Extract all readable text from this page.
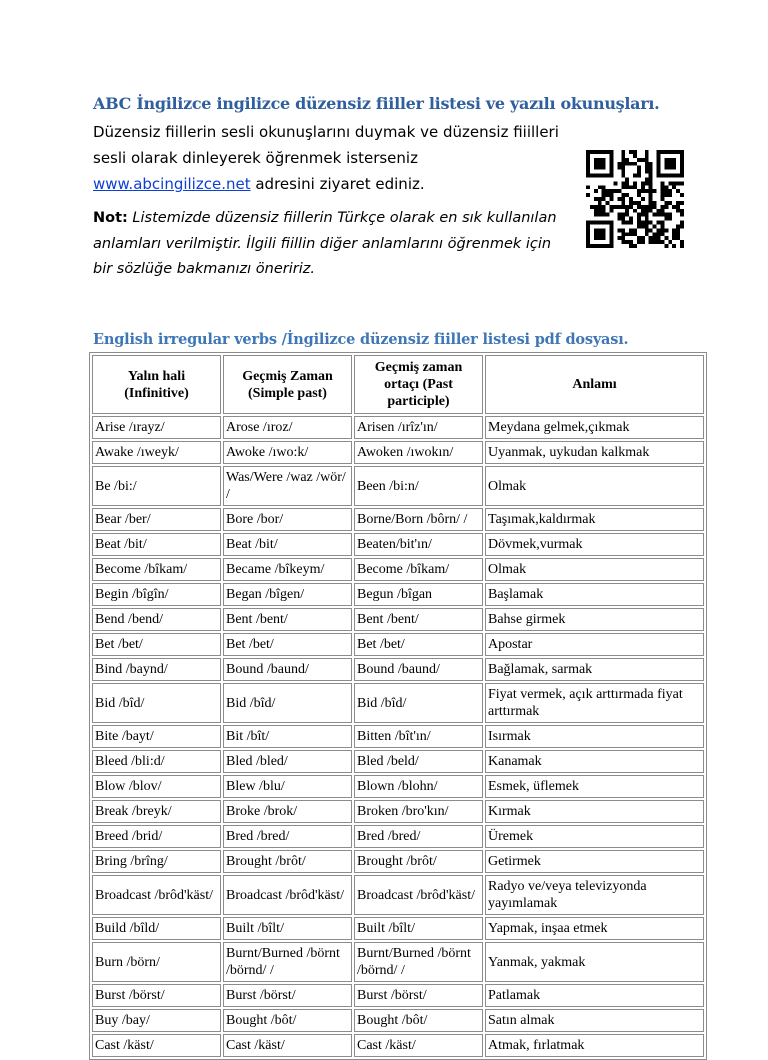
ABC İngilizce ingilizce düzensiz fiiller listesi ve yazılı okunuşları.
Düzensiz fiillerin sesli okunuşlarını duymak ve düzensiz fiiilleri
sesli olarak dinleyerek öğrenmek isterseniz
www.abcingilizce.net adresini ziyaret ediniz.
Not: Listemizde düzensiz fiillerin Türkçe olarak en sık kullanılan
anlamları verilmiştir. İlgili fiillin diğer anlamlarını öğrenmek için
bir sözlüğe bakmanızı öneririz.
English irregular verbs /İngilizce düzensiz fiiller listesi pdf dosyası.
Yalın hali (Infinitive)	Geçmiş Zaman (Simple past)	Geçmiş zaman ortaçı (Past participle)	Anlamı
Arise /ırayz/	Arose /ıroz/	Arisen /ırîz'ın/	Meydana gelmek,çıkmak
Awake /ıweyk/	Awoke /ıwo:k/	Awoken /ıwokın/	Uyanmak, uykudan kalkmak
Be /bi:/	Was/Were /waz /wör/ /	Been /bi:n/	Olmak
Bear /ber/	Bore /bor/	Borne/Born /bôrn/ /	Taşımak,kaldırmak
Beat /bit/	Beat /bit/	Beaten/bit'ın/	Dövmek,vurmak
Become /bîkam/	Became /bîkeym/	Become /bîkam/	Olmak
Begin /bîgîn/	Began /bîgen/	Begun /bîgan	Başlamak
Bend /bend/	Bent /bent/	Bent /bent/	Bahse girmek
Bet /bet/	Bet /bet/	Bet /bet/	Apostar
Bind /baynd/	Bound /baund/	Bound /baund/	Bağlamak, sarmak
Bid /bîd/	Bid /bîd/	Bid /bîd/	Fiyat vermek, açık arttırmada fiyat arttırmak
Bite /bayt/	Bit /bît/	Bitten /bît'ın/	Isırmak
Bleed /bli:d/	Bled /bled/	Bled /beld/	Kanamak
Blow /blov/	Blew /blu/	Blown /blohn/	Esmek, üflemek
Break /breyk/	Broke /brok/	Broken /bro'kın/	Kırmak
Breed /brid/	Bred /bred/	Bred /bred/	Üremek
Bring /brîng/	Brought /brôt/	Brought /brôt/	Getirmek
Broadcast /brôd'käst/	Broadcast /brôd'käst/	Broadcast /brôd'käst/	Radyo ve/veya televizyonda yayımlamak
Build /bîld/	Built /bîlt/	Built /bîlt/	Yapmak, inşaa etmek
Burn /börn/	Burnt/Burned /börnt /börnd/ /	Burnt/Burned /börnt /börnd/ /	Yanmak, yakmak
Burst /börst/	Burst /börst/	Burst /börst/	Patlamak
Buy /bay/	Bought /bôt/	Bought /bôt/	Satın almak
Cast /käst/	Cast /käst/	Cast /käst/	Atmak, fırlatmak
